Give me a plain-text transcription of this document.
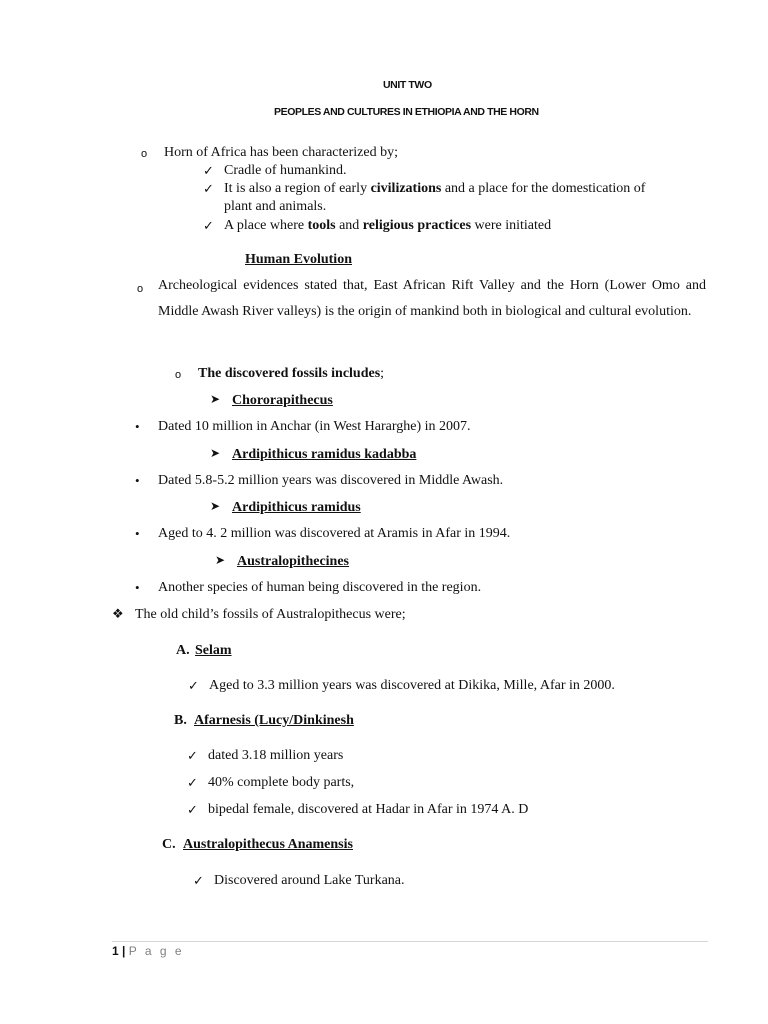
UNIT TWO
PEOPLES AND CULTURES IN ETHIOPIA AND THE HORN
o Horn of Africa has been characterized by;
✓ Cradle of humankind.
✓ It is also a region of early civilizations and a place for the domestication of
plant and animals.
✓ A place where tools and religious practices were initiated
Human Evolution
o Archeological evidences stated that, East African Rift Valley and the Horn (Lower Omo and Middle Awash River valleys) is the origin of mankind both in biological and cultural evolution.
o The discovered fossils includes;
➤ Chororapithecus
• Dated 10 million in Anchar (in West Hararghe) in 2007.
➤ Ardipithicus ramidus kadabba
• Dated 5.8-5.2 million years was discovered in Middle Awash.
➤ Ardipithicus ramidus
• Aged to 4. 2 million was discovered at Aramis in Afar in 1994.
➤ Australopithecines
• Another species of human being discovered in the region.
❖ The old child’s fossils of Australopithecus were;
A. Selam
✓ Aged to 3.3 million years was discovered at Dikika, Mille, Afar in 2000.
B. Afarnesis (Lucy/Dinkinesh
✓ dated 3.18 million years
✓ 40% complete body parts,
✓ bipedal female, discovered at Hadar in Afar in 1974 A. D
C. Australopithecus Anamensis
✓ Discovered around Lake Turkana.
1 | P a g e
